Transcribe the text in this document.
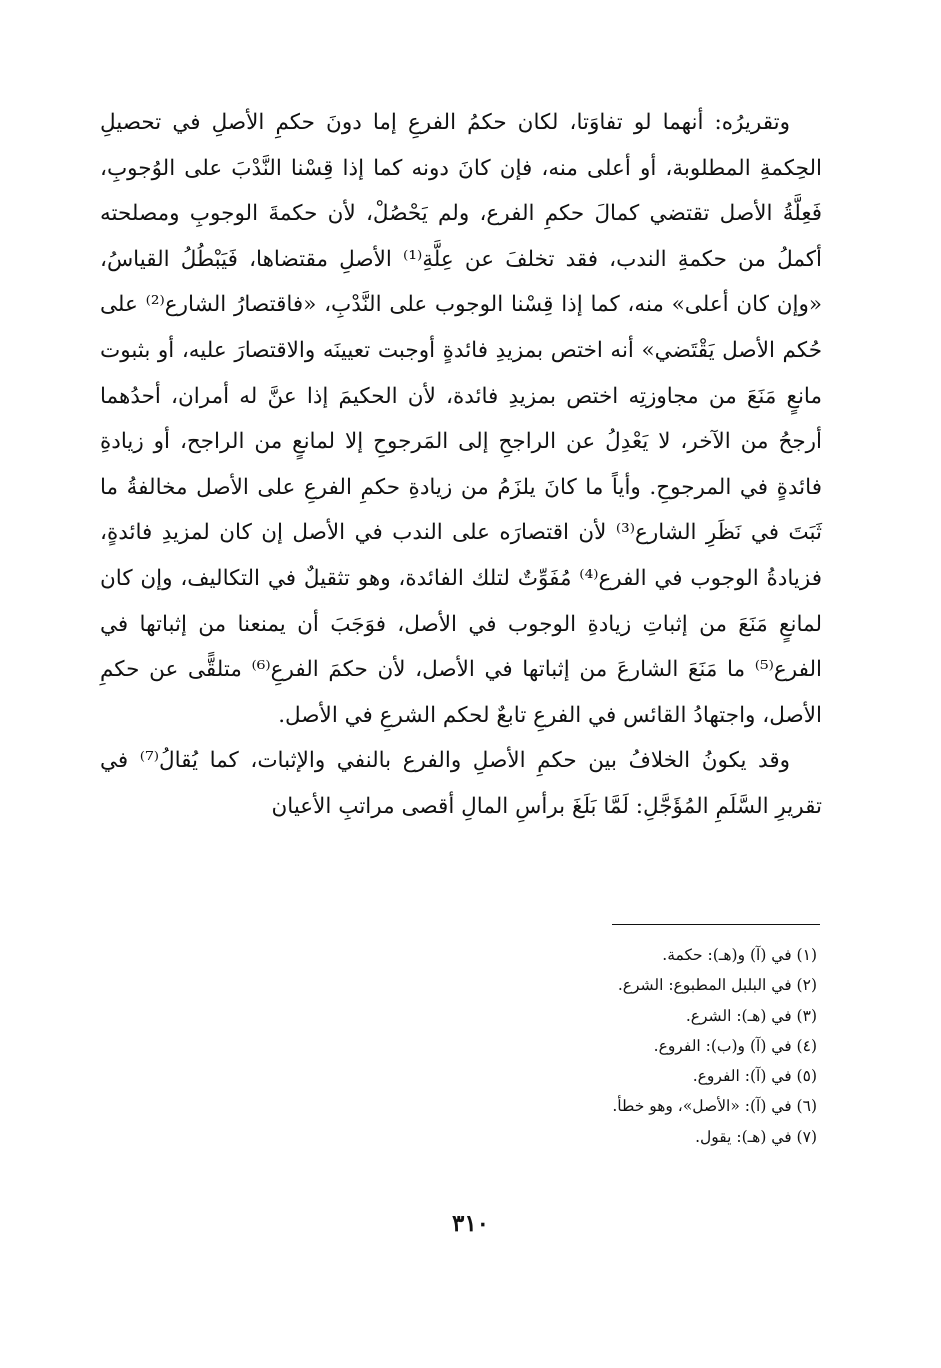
وتقريرُه: أنهما لو تفاوَتا، لكان حكمُ الفرعِ إما دونَ حكمِ الأصلِ في تحصيلِ الحِكمةِ المطلوبة، أو أعلى منه، فإن كانَ دونه كما إذا قِسْنا النَّدْبَ على الوُجوبِ، فَعِلَّةُ الأصل تقتضي كمالَ حكمِ الفرع، ولم يَحْصُلْ، لأن حكمةَ الوجوبِ ومصلحته أكملُ من حكمةِ الندب، فقد تخلفَ عن عِلَّةِ⁽¹⁾ الأصلِ مقتضاها، فَيَبْطُلُ القياسُ، «وإن كان أعلى» منه، كما إذا قِسْنا الوجوب على النَّدْبِ، «فاقتصارُ الشارع⁽²⁾ على حُكم الأصل يَقْتَضي» أنه اختص بمزيدِ فائدةٍ أوجبت تعيينَه والاقتصارَ عليه، أو بثبوت مانعٍ مَنَعَ من مجاوزتِه اختص بمزيدِ فائدة، لأن الحكيمَ إذا عنَّ له أمران، أحدُهما أرجحُ من الآخر، لا يَعْدِلُ عن الراجحِ إلى المَرجوحِ إلا لمانعٍ من الراجح، أو زيادةِ فائدةٍ في المرجوحِ. وأياً ما كانَ يلزَمُ من زيادةِ حكمِ الفرعِ على الأصل مخالفةُ ما ثَبَتَ في نَظَرِ الشارع⁽³⁾ لأن اقتصارَه على الندب في الأصل إن كان لمزيدِ فائدةٍ، فزيادةُ الوجوب في الفرع⁽⁴⁾ مُفَوِّتٌ لتلك الفائدة، وهو تثقيلٌ في التكاليف، وإن كان لمانعٍ مَنَعَ من إثباتِ زيادةِ الوجوب في الأصل، فوَجَبَ أن يمنعنا من إثباتها في الفرع⁽⁵⁾ ما مَنَعَ الشارعَ من إثباتها في الأصل، لأن حكمَ الفرعِ⁽⁶⁾ متلقًّى عن حكمِ الأصل، واجتهادُ القائس في الفرعِ تابعٌ لحكم الشرعِ في الأصل.

وقد يكونُ الخلافُ بين حكمِ الأصلِ والفرع بالنفي والإثبات، كما يُقالُ⁽⁷⁾ في تقريرِ السَّلَمِ المُؤَجَّلِ: لَمَّا بَلَغَ برأسِ المالِ أقصى مراتبِ الأعيان

(١) في (آ) و(هـ): حكمة.
(٢) في البلبل المطبوع: الشرع.
(٣) في (هـ): الشرع.
(٤) في (آ) و(ب): الفروع.
(٥) في (آ): الفروع.
(٦) في (آ): «الأصل»، وهو خطأ.
(٧) في (هـ): يقول.
٣١٠
